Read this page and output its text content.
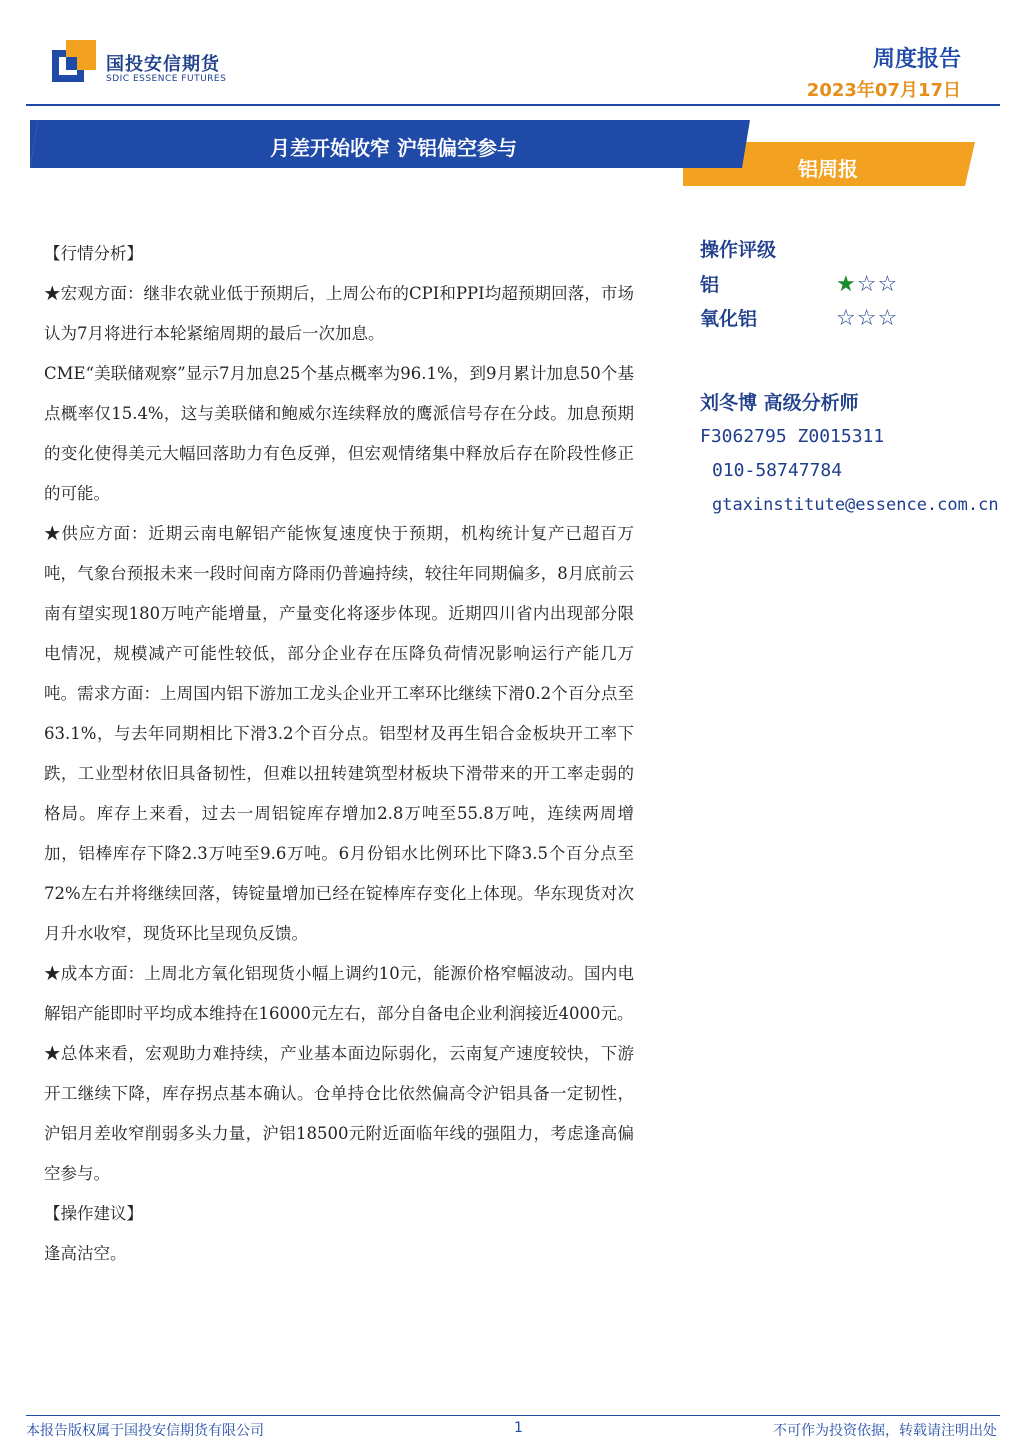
国投安信期货
SDIC ESSENCE FUTURES
周度报告
2023年07月17日
月差开始收窄 沪铝偏空参与
铝周报

【行情分析】

★宏观方面：继非农就业低于预期后，上周公布的CPI和PPI均超预期回落，市场认为7月将进行本轮紧缩周期的最后一次加息。

CME“美联储观察”显示7月加息25个基点概率为96.1%，到9月累计加息50个基点概率仅15.4%，这与美联储和鲍威尔连续释放的鹰派信号存在分歧。加息预期的变化使得美元大幅回落助力有色反弹，但宏观情绪集中释放后存在阶段性修正的可能。

★供应方面：近期云南电解铝产能恢复速度快于预期，机构统计复产已超百万吨，气象台预报未来一段时间南方降雨仍普遍持续，较往年同期偏多，8月底前云南有望实现180万吨产能增量，产量变化将逐步体现。近期四川省内出现部分限电情况，规模减产可能性较低，部分企业存在压降负荷情况影响运行产能几万吨。需求方面：上周国内铝下游加工龙头企业开工率环比继续下滑0.2个百分点至63.1%，与去年同期相比下滑3.2个百分点。铝型材及再生铝合金板块开工率下跌，工业型材依旧具备韧性，但难以扭转建筑型材板块下滑带来的开工率走弱的格局。库存上来看，过去一周铝锭库存增加2.8万吨至55.8万吨，连续两周增加，铝棒库存下降2.3万吨至9.6万吨。6月份铝水比例环比下降3.5个百分点至72%左右并将继续回落，铸锭量增加已经在锭棒库存变化上体现。华东现货对次月升水收窄，现货环比呈现负反馈。

★成本方面：上周北方氧化铝现货小幅上调约10元，能源价格窄幅波动。国内电解铝产能即时平均成本维持在16000元左右，部分自备电企业利润接近4000元。

★总体来看，宏观助力难持续，产业基本面边际弱化，云南复产速度较快，下游开工继续下降，库存拐点基本确认。仓单持仓比依然偏高令沪铝具备一定韧性，沪铝月差收窄削弱多头力量，沪铝18500元附近面临年线的强阻力，考虑逢高偏空参与。

【操作建议】

逢高沽空。

操作评级
铝	★☆☆
氧化铝	☆☆☆
刘冬博 高级分析师
F3062795 Z0015311
010-58747784
gtaxinstitute@essence.com.cn
本报告版权属于国投安信期货有限公司	1	不可作为投资依据，转载请注明出处
